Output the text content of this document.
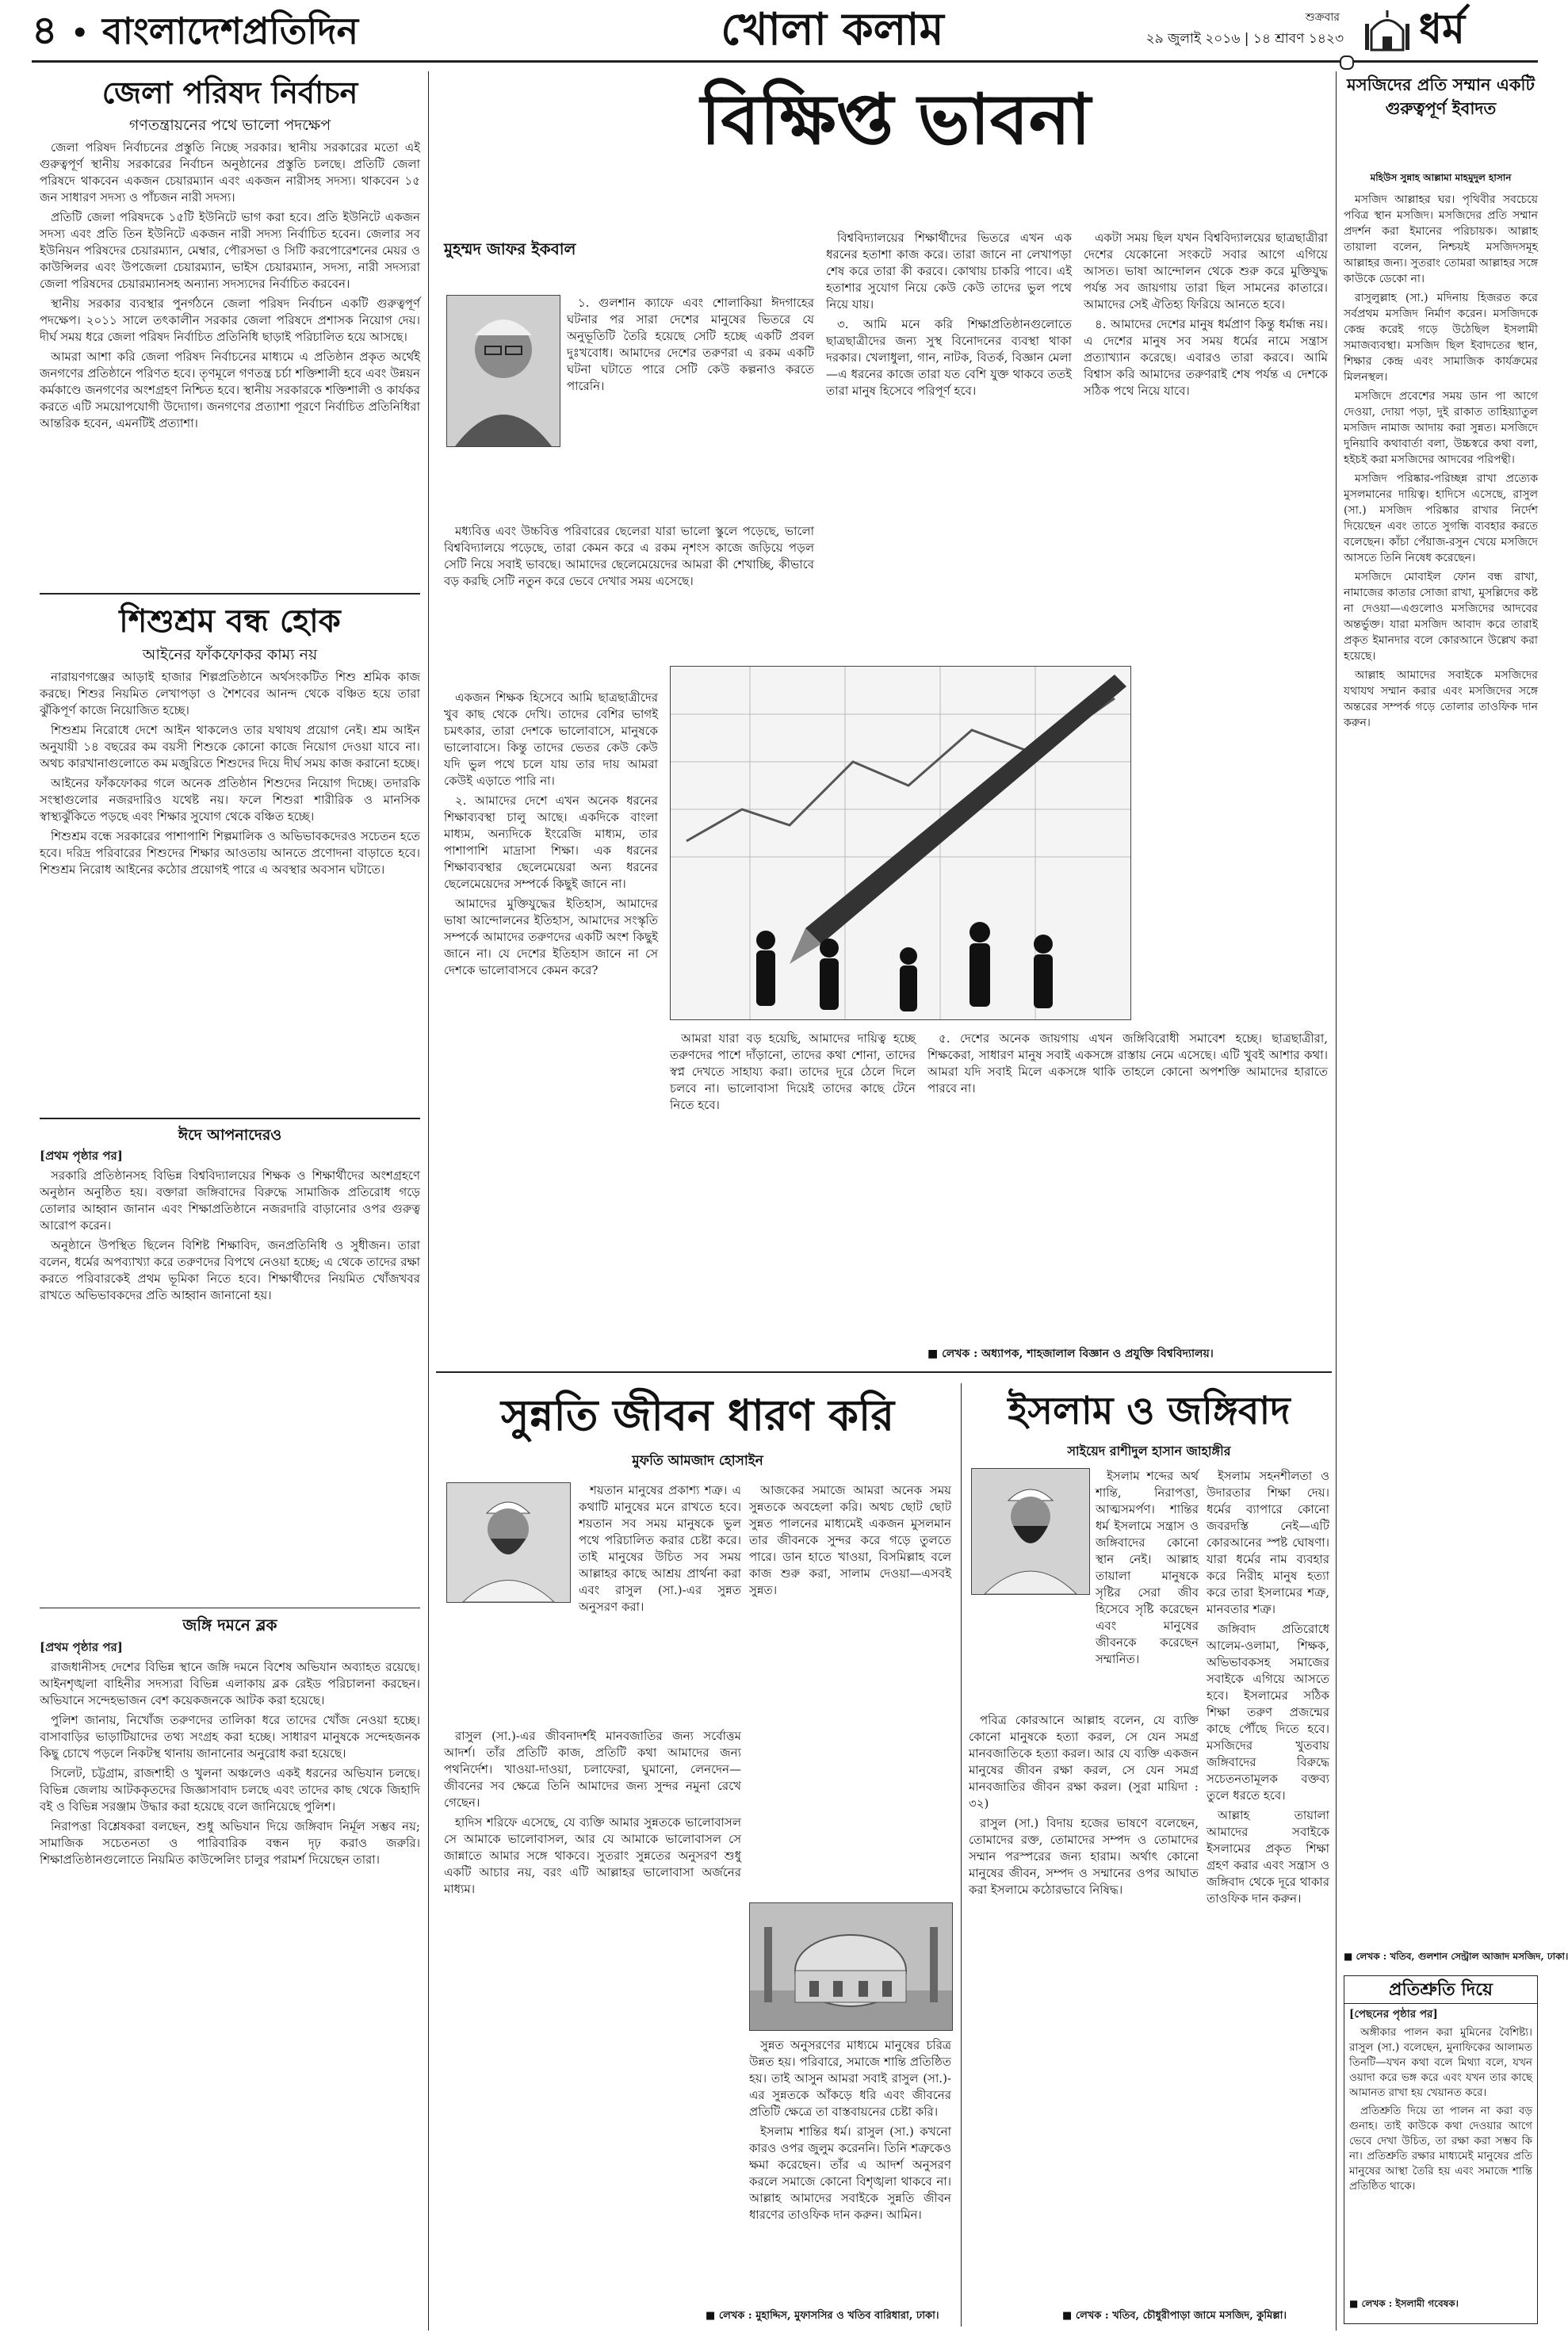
৪ • বাংলাদেশপ্রতিদিন	খোলা কলাম	শুক্রবার
২৯ জুলাই ২০১৬ | ১৪ শ্রাবণ ১৪২৩ ধর্ম
জেলা পরিষদ নির্বাচন
গণতন্ত্রায়নের পথে ভালো পদক্ষেপ

জেলা পরিষদ নির্বাচনের প্রস্তুতি নিচ্ছে সরকার। স্থানীয় সরকারের মতো এই গুরুত্বপূর্ণ স্থানীয় সরকারের নির্বাচন অনুষ্ঠানের প্রস্তুতি চলছে। প্রতিটি জেলা পরিষদে থাকবেন একজন চেয়ারম্যান এবং একজন নারীসহ সদস্য। থাকবেন ১৫ জন সাধারণ সদস্য ও পাঁচজন নারী সদস্য।

প্রতিটি জেলা পরিষদকে ১৫টি ইউনিটে ভাগ করা হবে। প্রতি ইউনিটে একজন সদস্য এবং প্রতি তিন ইউনিটে একজন নারী সদস্য নির্বাচিত হবেন। জেলার সব ইউনিয়ন পরিষদের চেয়ারম্যান, মেম্বার, পৌরসভা ও সিটি করপোরেশনের মেয়র ও কাউন্সিলর এবং উপজেলা চেয়ারম্যান, ভাইস চেয়ারম্যান, সদস্য, নারী সদস্যরা জেলা পরিষদের চেয়ারম্যানসহ অন্যান্য সদস্যদের নির্বাচিত করবেন।

স্থানীয় সরকার ব্যবস্থার পুনর্গঠনে জেলা পরিষদ নির্বাচন একটি গুরুত্বপূর্ণ পদক্ষেপ। ২০১১ সালে তৎকালীন সরকার জেলা পরিষদে প্রশাসক নিয়োগ দেয়। দীর্ঘ সময় ধরে জেলা পরিষদ নির্বাচিত প্রতিনিধি ছাড়াই পরিচালিত হয়ে আসছে।

আমরা আশা করি জেলা পরিষদ নির্বাচনের মাধ্যমে এ প্রতিষ্ঠান প্রকৃত অর্থেই জনগণের প্রতিষ্ঠানে পরিণত হবে। তৃণমূলে গণতন্ত্র চর্চা শক্তিশালী হবে এবং উন্নয়ন কর্মকাণ্ডে জনগণের অংশগ্রহণ নিশ্চিত হবে। স্থানীয় সরকারকে শক্তিশালী ও কার্যকর করতে এটি সময়োপযোগী উদ্যোগ। জনগণের প্রত্যাশা পূরণে নির্বাচিত প্রতিনিধিরা আন্তরিক হবেন, এমনটিই প্রত্যাশা।

শিশুশ্রম বন্ধ হোক
আইনের ফাঁকফোকর কাম্য নয়

নারায়ণগঞ্জের আড়াই হাজার শিল্পপ্রতিষ্ঠানে অর্থসংকটিত শিশু শ্রমিক কাজ করছে। শিশুর নিয়মিত লেখাপড়া ও শৈশবের আনন্দ থেকে বঞ্চিত হয়ে তারা ঝুঁকিপূর্ণ কাজে নিয়োজিত হচ্ছে।

শিশুশ্রম নিরোধে দেশে আইন থাকলেও তার যথাযথ প্রয়োগ নেই। শ্রম আইন অনুযায়ী ১৪ বছরের কম বয়সী শিশুকে কোনো কাজে নিয়োগ দেওয়া যাবে না। অথচ কারখানাগুলোতে কম মজুরিতে শিশুদের দিয়ে দীর্ঘ সময় কাজ করানো হচ্ছে।

আইনের ফাঁকফোকর গলে অনেক প্রতিষ্ঠান শিশুদের নিয়োগ দিচ্ছে। তদারকি সংস্থাগুলোর নজরদারিও যথেষ্ট নয়। ফলে শিশুরা শারীরিক ও মানসিক স্বাস্থ্যঝুঁকিতে পড়ছে এবং শিক্ষার সুযোগ থেকে বঞ্চিত হচ্ছে।

শিশুশ্রম বন্ধে সরকারের পাশাপাশি শিল্পমালিক ও অভিভাবকদেরও সচেতন হতে হবে। দরিদ্র পরিবারের শিশুদের শিক্ষার আওতায় আনতে প্রণোদনা বাড়াতে হবে। শিশুশ্রম নিরোধ আইনের কঠোর প্রয়োগই পারে এ অবস্থার অবসান ঘটাতে।

ঈদে আপনাদেরও

[প্রথম পৃষ্ঠার পর]

সরকারি প্রতিষ্ঠানসহ বিভিন্ন বিশ্ববিদ্যালয়ের শিক্ষক ও শিক্ষার্থীদের অংশগ্রহণে অনুষ্ঠান অনুষ্ঠিত হয়। বক্তারা জঙ্গিবাদের বিরুদ্ধে সামাজিক প্রতিরোধ গড়ে তোলার আহ্বান জানান এবং শিক্ষাপ্রতিষ্ঠানে নজরদারি বাড়ানোর ওপর গুরুত্ব আরোপ করেন।

অনুষ্ঠানে উপস্থিত ছিলেন বিশিষ্ট শিক্ষাবিদ, জনপ্রতিনিধি ও সুধীজন। তারা বলেন, ধর্মের অপব্যাখ্যা করে তরুণদের বিপথে নেওয়া হচ্ছে; এ থেকে তাদের রক্ষা করতে পরিবারকেই প্রথম ভূমিকা নিতে হবে। শিক্ষার্থীদের নিয়মিত খোঁজখবর রাখতে অভিভাবকদের প্রতি আহ্বান জানানো হয়।

জঙ্গি দমনে ব্লক

[প্রথম পৃষ্ঠার পর]

রাজধানীসহ দেশের বিভিন্ন স্থানে জঙ্গি দমনে বিশেষ অভিযান অব্যাহত রয়েছে। আইনশৃঙ্খলা বাহিনীর সদস্যরা বিভিন্ন এলাকায় ব্লক রেইড পরিচালনা করছেন। অভিযানে সন্দেহভাজন বেশ কয়েকজনকে আটক করা হয়েছে।

পুলিশ জানায়, নিখোঁজ তরুণদের তালিকা ধরে তাদের খোঁজ নেওয়া হচ্ছে। বাসাবাড়ির ভাড়াটিয়াদের তথ্য সংগ্রহ করা হচ্ছে। সাধারণ মানুষকে সন্দেহজনক কিছু চোখে পড়লে নিকটস্থ থানায় জানানোর অনুরোধ করা হয়েছে।

সিলেট, চট্টগ্রাম, রাজশাহী ও খুলনা অঞ্চলেও একই ধরনের অভিযান চলছে। বিভিন্ন জেলায় আটককৃতদের জিজ্ঞাসাবাদ চলছে এবং তাদের কাছ থেকে জিহাদি বই ও বিভিন্ন সরঞ্জাম উদ্ধার করা হয়েছে বলে জানিয়েছে পুলিশ।

নিরাপত্তা বিশ্লেষকরা বলছেন, শুধু অভিযান দিয়ে জঙ্গিবাদ নির্মূল সম্ভব নয়; সামাজিক সচেতনতা ও পারিবারিক বন্ধন দৃঢ় করাও জরুরি। শিক্ষাপ্রতিষ্ঠানগুলোতে নিয়মিত কাউন্সেলিং চালুর পরামর্শ দিয়েছেন তারা।

বিক্ষিপ্ত ভাবনা
মুহম্মদ জাফর ইকবাল

১. গুলশান ক্যাফে এবং শোলাকিয়া ঈদগাহের ঘটনার পর সারা দেশের মানুষের ভিতরে যে অনুভূতিটি তৈরি হয়েছে সেটি হচ্ছে একটি প্রবল দুঃখবোধ। আমাদের দেশের তরুণরা এ রকম একটি ঘটনা ঘটাতে পারে সেটি কেউ কল্পনাও করতে পারেনি।

মধ্যবিত্ত এবং উচ্চবিত্ত পরিবারের ছেলেরা যারা ভালো স্কুলে পড়েছে, ভালো বিশ্ববিদ্যালয়ে পড়েছে, তারা কেমন করে এ রকম নৃশংস কাজে জড়িয়ে পড়ল সেটি নিয়ে সবাই ভাবছে। আমাদের ছেলেমেয়েদের আমরা কী শেখাচ্ছি, কীভাবে বড় করছি সেটি নতুন করে ভেবে দেখার সময় এসেছে।

একজন শিক্ষক হিসেবে আমি ছাত্রছাত্রীদের খুব কাছ থেকে দেখি। তাদের বেশির ভাগই চমৎকার, তারা দেশকে ভালোবাসে, মানুষকে ভালোবাসে। কিন্তু তাদের ভেতর কেউ কেউ যদি ভুল পথে চলে যায় তার দায় আমরা কেউই এড়াতে পারি না।

২. আমাদের দেশে এখন অনেক ধরনের শিক্ষাব্যবস্থা চালু আছে। একদিকে বাংলা মাধ্যম, অন্যদিকে ইংরেজি মাধ্যম, তার পাশাপাশি মাদ্রাসা শিক্ষা। এক ধরনের শিক্ষাব্যবস্থার ছেলেমেয়েরা অন্য ধরনের ছেলেমেয়েদের সম্পর্কে কিছুই জানে না।

আমাদের মুক্তিযুদ্ধের ইতিহাস, আমাদের ভাষা আন্দোলনের ইতিহাস, আমাদের সংস্কৃতি সম্পর্কে আমাদের তরুণদের একটি অংশ কিছুই জানে না। যে দেশের ইতিহাস জানে না সে দেশকে ভালোবাসবে কেমন করে?

বিশ্ববিদ্যালয়ের শিক্ষার্থীদের ভিতরে এখন এক ধরনের হতাশা কাজ করে। তারা জানে না লেখাপড়া শেষ করে তারা কী করবে। কোথায় চাকরি পাবে। এই হতাশার সুযোগ নিয়ে কেউ কেউ তাদের ভুল পথে নিয়ে যায়।

৩. আমি মনে করি শিক্ষাপ্রতিষ্ঠানগুলোতে ছাত্রছাত্রীদের জন্য সুস্থ বিনোদনের ব্যবস্থা থাকা দরকার। খেলাধুলা, গান, নাটক, বিতর্ক, বিজ্ঞান মেলা—এ ধরনের কাজে তারা যত বেশি যুক্ত থাকবে ততই তারা মানুষ হিসেবে পরিপূর্ণ হবে।

একটা সময় ছিল যখন বিশ্ববিদ্যালয়ের ছাত্রছাত্রীরা দেশের যেকোনো সংকটে সবার আগে এগিয়ে আসত। ভাষা আন্দোলন থেকে শুরু করে মুক্তিযুদ্ধ পর্যন্ত সব জায়গায় তারা ছিল সামনের কাতারে। আমাদের সেই ঐতিহ্য ফিরিয়ে আনতে হবে।

৪. আমাদের দেশের মানুষ ধর্মপ্রাণ কিন্তু ধর্মান্ধ নয়। এ দেশের মানুষ সব সময় ধর্মের নামে সন্ত্রাস প্রত্যাখ্যান করেছে। এবারও তারা করবে। আমি বিশ্বাস করি আমাদের তরুণরাই শেষ পর্যন্ত এ দেশকে সঠিক পথে নিয়ে যাবে।

আমরা যারা বড় হয়েছি, আমাদের দায়িত্ব হচ্ছে তরুণদের পাশে দাঁড়ানো, তাদের কথা শোনা, তাদের স্বপ্ন দেখতে সাহায্য করা। তাদের দূরে ঠেলে দিলে চলবে না। ভালোবাসা দিয়েই তাদের কাছে টেনে নিতে হবে।

৫. দেশের অনেক জায়গায় এখন জঙ্গিবিরোধী সমাবেশ হচ্ছে। ছাত্রছাত্রীরা, শিক্ষকেরা, সাধারণ মানুষ সবাই একসঙ্গে রাস্তায় নেমে এসেছে। এটি খুবই আশার কথা। আমরা যদি সবাই মিলে একসঙ্গে থাকি তাহলে কোনো অপশক্তি আমাদের হারাতে পারবে না।

■ লেখক : অধ্যাপক, শাহজালাল বিজ্ঞান ও প্রযুক্তি বিশ্ববিদ্যালয়।
সুন্নতি জীবন ধারণ করি
মুফতি আমজাদ হোসাইন

শয়তান মানুষের প্রকাশ্য শত্রু। এ কথাটি মানুষের মনে রাখতে হবে। শয়তান সব সময় মানুষকে ভুল পথে পরিচালিত করার চেষ্টা করে। তাই মানুষের উচিত সব সময় আল্লাহর কাছে আশ্রয় প্রার্থনা করা এবং রাসুল (সা.)-এর সুন্নত অনুসরণ করা।

রাসুল (সা.)-এর জীবনাদর্শই মানবজাতির জন্য সর্বোত্তম আদর্শ। তাঁর প্রতিটি কাজ, প্রতিটি কথা আমাদের জন্য পথনির্দেশ। খাওয়া-দাওয়া, চলাফেরা, ঘুমানো, লেনদেন—জীবনের সব ক্ষেত্রে তিনি আমাদের জন্য সুন্দর নমুনা রেখে গেছেন।

হাদিস শরিফে এসেছে, যে ব্যক্তি আমার সুন্নতকে ভালোবাসল সে আমাকে ভালোবাসল, আর যে আমাকে ভালোবাসল সে জান্নাতে আমার সঙ্গে থাকবে। সুতরাং সুন্নতের অনুসরণ শুধু একটি আচার নয়, বরং এটি আল্লাহর ভালোবাসা অর্জনের মাধ্যম।

আজকের সমাজে আমরা অনেক সময় সুন্নতকে অবহেলা করি। অথচ ছোট ছোট সুন্নত পালনের মাধ্যমেই একজন মুসলমান তার জীবনকে সুন্দর করে গড়ে তুলতে পারে। ডান হাতে খাওয়া, বিসমিল্লাহ বলে কাজ শুরু করা, সালাম দেওয়া—এসবই সুন্নত।

সুন্নত অনুসরণের মাধ্যমে মানুষের চরিত্র উন্নত হয়। পরিবারে, সমাজে শান্তি প্রতিষ্ঠিত হয়। তাই আসুন আমরা সবাই রাসুল (সা.)-এর সুন্নতকে আঁকড়ে ধরি এবং জীবনের প্রতিটি ক্ষেত্রে তা বাস্তবায়নের চেষ্টা করি।

ইসলাম শান্তির ধর্ম। রাসুল (সা.) কখনো কারও ওপর জুলুম করেননি। তিনি শত্রুকেও ক্ষমা করেছেন। তাঁর এ আদর্শ অনুসরণ করলে সমাজে কোনো বিশৃঙ্খলা থাকবে না। আল্লাহ আমাদের সবাইকে সুন্নতি জীবন ধারণের তাওফিক দান করুন। আমিন।

■ লেখক : মুহাদ্দিস, মুফাসসির ও খতিব বারিধারা, ঢাকা।
ইসলাম ও জঙ্গিবাদ
সাইয়েদ রাশীদুল হাসান জাহাঙ্গীর

ইসলাম শব্দের অর্থ শান্তি, নিরাপত্তা, আত্মসমর্পণ। শান্তির ধর্ম ইসলামে সন্ত্রাস ও জঙ্গিবাদের কোনো স্থান নেই। আল্লাহ তায়ালা মানুষকে সৃষ্টির সেরা জীব হিসেবে সৃষ্টি করেছেন এবং মানুষের জীবনকে করেছেন সম্মানিত।

পবিত্র কোরআনে আল্লাহ বলেন, যে ব্যক্তি কোনো মানুষকে হত্যা করল, সে যেন সমগ্র মানবজাতিকে হত্যা করল। আর যে ব্যক্তি একজন মানুষের জীবন রক্ষা করল, সে যেন সমগ্র মানবজাতির জীবন রক্ষা করল। (সুরা মায়িদা : ৩২)

রাসুল (সা.) বিদায় হজের ভাষণে বলেছেন, তোমাদের রক্ত, তোমাদের সম্পদ ও তোমাদের সম্মান পরস্পরের জন্য হারাম। অর্থাৎ কোনো মানুষের জীবন, সম্পদ ও সম্মানের ওপর আঘাত করা ইসলামে কঠোরভাবে নিষিদ্ধ।

ইসলাম সহনশীলতা ও উদারতার শিক্ষা দেয়। ধর্মের ব্যাপারে কোনো জবরদস্তি নেই—এটি কোরআনের স্পষ্ট ঘোষণা। যারা ধর্মের নাম ব্যবহার করে নিরীহ মানুষ হত্যা করে তারা ইসলামের শত্রু, মানবতার শত্রু।

জঙ্গিবাদ প্রতিরোধে আলেম-ওলামা, শিক্ষক, অভিভাবকসহ সমাজের সবাইকে এগিয়ে আসতে হবে। ইসলামের সঠিক শিক্ষা তরুণ প্রজন্মের কাছে পৌঁছে দিতে হবে। মসজিদের খুতবায় জঙ্গিবাদের বিরুদ্ধে সচেতনতামূলক বক্তব্য তুলে ধরতে হবে।

আল্লাহ তায়ালা আমাদের সবাইকে ইসলামের প্রকৃত শিক্ষা গ্রহণ করার এবং সন্ত্রাস ও জঙ্গিবাদ থেকে দূরে থাকার তাওফিক দান করুন।

■ লেখক : খতিব, চৌধুরীপাড়া জামে মসজিদ, কুমিল্লা।
মসজিদের প্রতি সম্মান একটি গুরুত্বপূর্ণ ইবাদত
মহিউস সুন্নাহ আল্লামা মাহমুদুল হাসান

মসজিদ আল্লাহর ঘর। পৃথিবীর সবচেয়ে পবিত্র স্থান মসজিদ। মসজিদের প্রতি সম্মান প্রদর্শন করা ইমানের পরিচায়ক। আল্লাহ তায়ালা বলেন, নিশ্চয়ই মসজিদসমূহ আল্লাহর জন্য। সুতরাং তোমরা আল্লাহর সঙ্গে কাউকে ডেকো না।

রাসুলুল্লাহ (সা.) মদিনায় হিজরত করে সর্বপ্রথম মসজিদ নির্মাণ করেন। মসজিদকে কেন্দ্র করেই গড়ে উঠেছিল ইসলামী সমাজব্যবস্থা। মসজিদ ছিল ইবাদতের স্থান, শিক্ষার কেন্দ্র এবং সামাজিক কার্যক্রমের মিলনস্থল।

মসজিদে প্রবেশের সময় ডান পা আগে দেওয়া, দোয়া পড়া, দুই রাকাত তাহিয়্যাতুল মসজিদ নামাজ আদায় করা সুন্নত। মসজিদে দুনিয়াবি কথাবার্তা বলা, উচ্চস্বরে কথা বলা, হইচই করা মসজিদের আদবের পরিপন্থী।

মসজিদ পরিষ্কার-পরিচ্ছন্ন রাখা প্রত্যেক মুসলমানের দায়িত্ব। হাদিসে এসেছে, রাসুল (সা.) মসজিদ পরিষ্কার রাখার নির্দেশ দিয়েছেন এবং তাতে সুগন্ধি ব্যবহার করতে বলেছেন। কাঁচা পেঁয়াজ-রসুন খেয়ে মসজিদে আসতে তিনি নিষেধ করেছেন।

মসজিদে মোবাইল ফোন বন্ধ রাখা, নামাজের কাতার সোজা রাখা, মুসল্লিদের কষ্ট না দেওয়া—এগুলোও মসজিদের আদবের অন্তর্ভুক্ত। যারা মসজিদ আবাদ করে তারাই প্রকৃত ইমানদার বলে কোরআনে উল্লেখ করা হয়েছে।

আল্লাহ আমাদের সবাইকে মসজিদের যথাযথ সম্মান করার এবং মসজিদের সঙ্গে অন্তরের সম্পর্ক গড়ে তোলার তাওফিক দান করুন।

■ লেখক : খতিব, গুলশান সেন্ট্রাল আজাদ মসজিদ, ঢাকা।
প্রতিশ্রুতি দিয়ে

[পেছনের পৃষ্ঠার পর]

অঙ্গীকার পালন করা মুমিনের বৈশিষ্ট্য। রাসুল (সা.) বলেছেন, মুনাফিকের আলামত তিনটি—যখন কথা বলে মিথ্যা বলে, যখন ওয়াদা করে ভঙ্গ করে এবং যখন তার কাছে আমানত রাখা হয় খেয়ানত করে।

প্রতিশ্রুতি দিয়ে তা পালন না করা বড় গুনাহ। তাই কাউকে কথা দেওয়ার আগে ভেবে দেখা উচিত, তা রক্ষা করা সম্ভব কি না। প্রতিশ্রুতি রক্ষার মাধ্যমেই মানুষের প্রতি মানুষের আস্থা তৈরি হয় এবং সমাজে শান্তি প্রতিষ্ঠিত থাকে।

■ লেখক : ইসলামী গবেষক।
